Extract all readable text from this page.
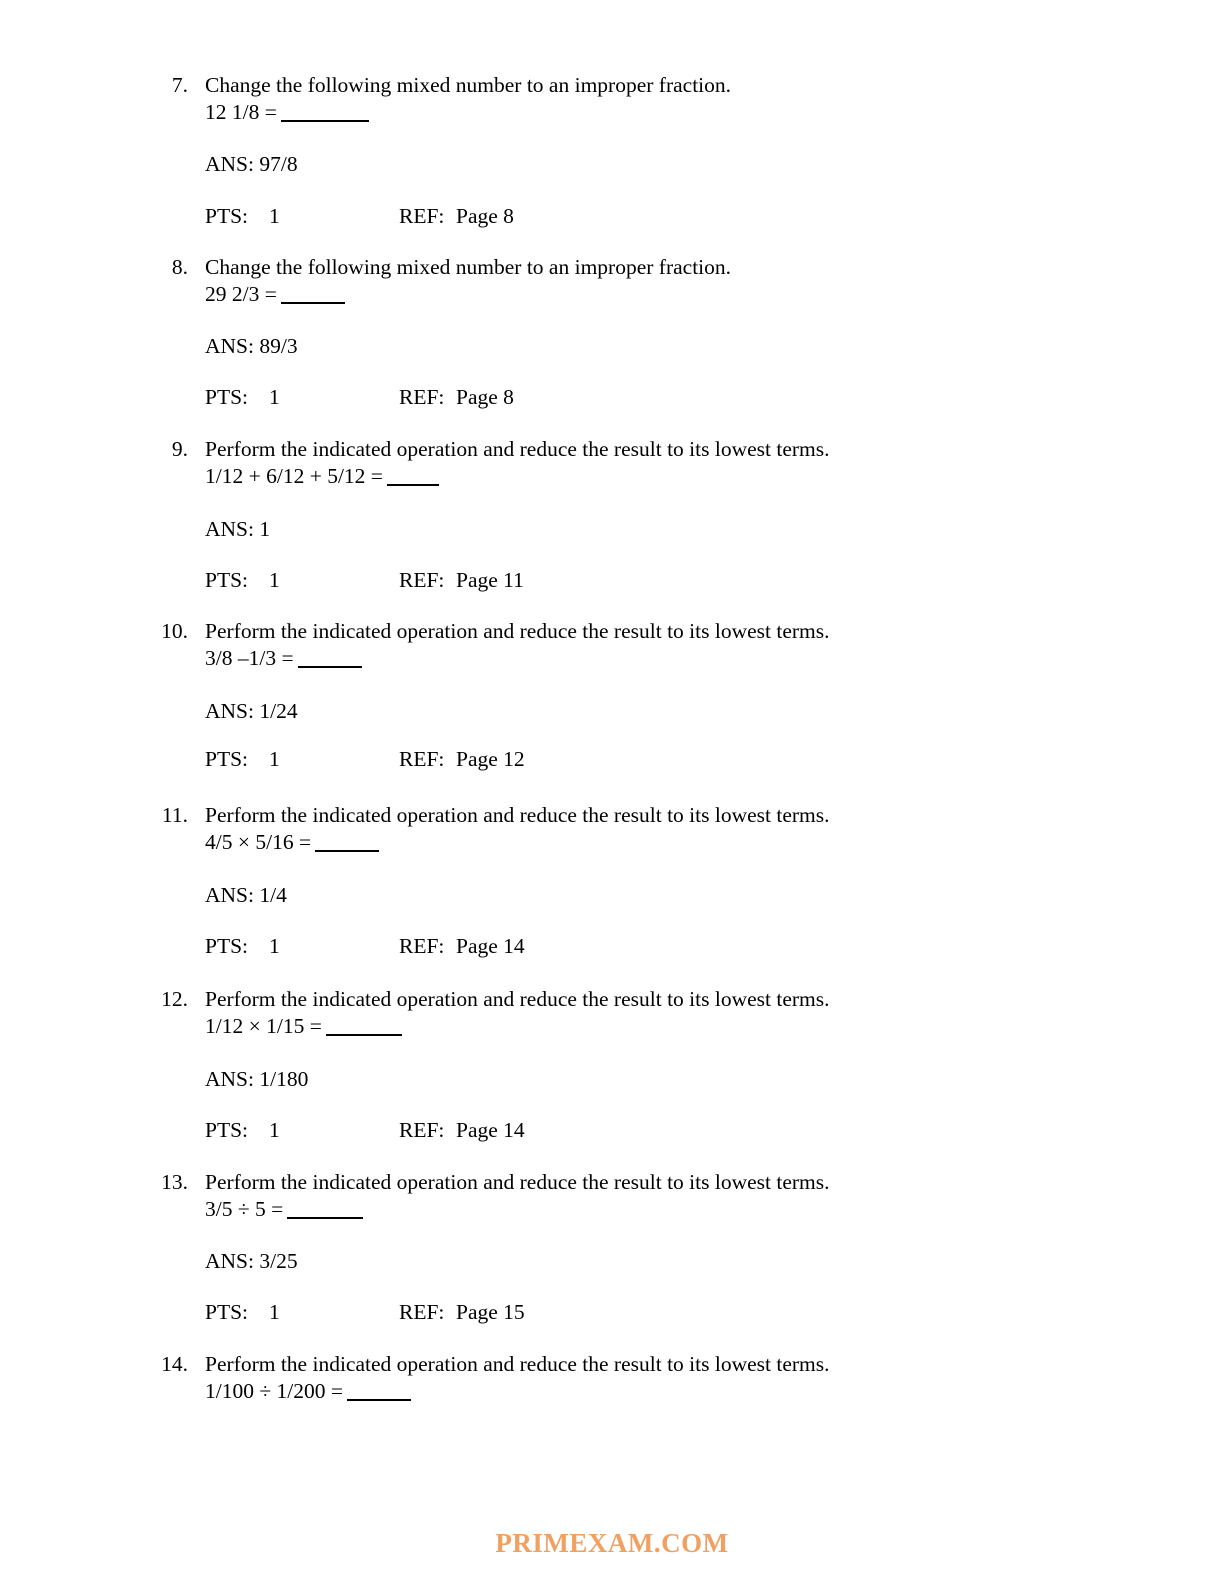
7. Change the following mixed number to an improper fraction.
12 1/8 =
ANS: 97/8
PTS: 1	REF: Page 8
8. Change the following mixed number to an improper fraction.
29 2/3 =
ANS: 89/3
PTS: 1	REF: Page 8
9. Perform the indicated operation and reduce the result to its lowest terms.
1/12 + 6/12 + 5/12 =
ANS: 1
PTS: 1	REF: Page 11
10. Perform the indicated operation and reduce the result to its lowest terms.
3/8 –1/3 =
ANS: 1/24
PTS: 1	REF: Page 12
11. Perform the indicated operation and reduce the result to its lowest terms.
4/5 × 5/16 =
ANS: 1/4
PTS: 1	REF: Page 14
12. Perform the indicated operation and reduce the result to its lowest terms.
1/12 × 1/15 =
ANS: 1/180
PTS: 1	REF: Page 14
13. Perform the indicated operation and reduce the result to its lowest terms.
3/5 ÷ 5 =
ANS: 3/25
PTS: 1	REF: Page 15
14. Perform the indicated operation and reduce the result to its lowest terms.
1/100 ÷ 1/200 =
PRIMEXAM.COM
